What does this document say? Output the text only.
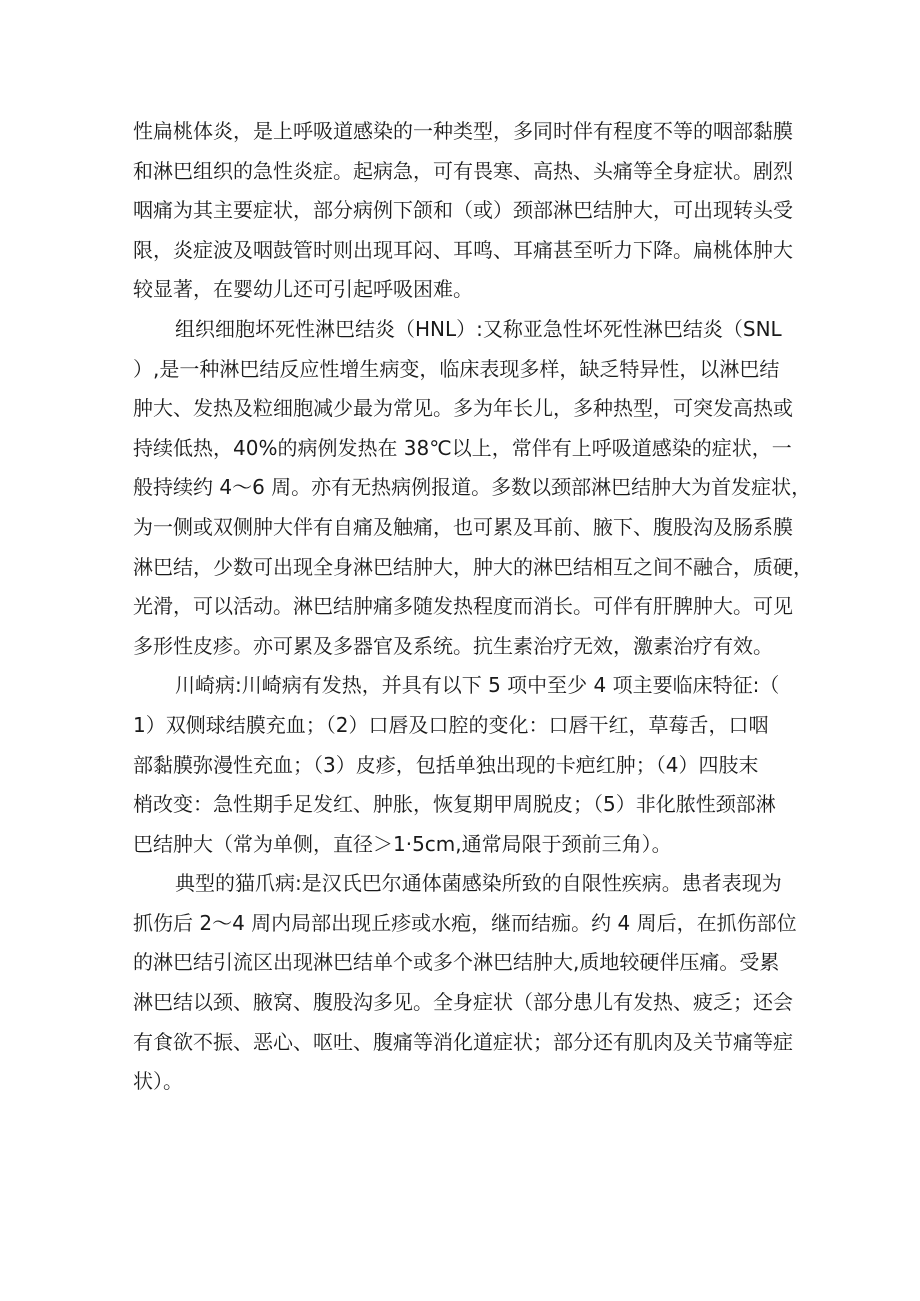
性扁桃体炎，是上呼吸道感染的一种类型，多同时伴有程度不等的咽部黏膜
和淋巴组织的急性炎症。起病急，可有畏寒、高热、头痛等全身症状。剧烈
咽痛为其主要症状，部分病例下颌和（或）颈部淋巴结肿大，可出现转头受
限，炎症波及咽鼓管时则出现耳闷、耳鸣、耳痛甚至听力下降。扁桃体肿大
较显著，在婴幼儿还可引起呼吸困难。

组织细胞坏死性淋巴结炎（HNL）:又称亚急性坏死性淋巴结炎（SNL
）,是一种淋巴结反应性增生病变，临床表现多样，缺乏特异性，以淋巴结
肿大、发热及粒细胞减少最为常见。多为年长儿，多种热型，可突发高热或
持续低热，40%的病例发热在 38℃以上，常伴有上呼吸道感染的症状，一
般持续约 4～6 周。亦有无热病例报道。多数以颈部淋巴结肿大为首发症状，
为一侧或双侧肿大伴有自痛及触痛，也可累及耳前、腋下、腹股沟及肠系膜
淋巴结，少数可出现全身淋巴结肿大，肿大的淋巴结相互之间不融合，质硬，
光滑，可以活动。淋巴结肿痛多随发热程度而消长。可伴有肝脾肿大。可见
多形性皮疹。亦可累及多器官及系统。抗生素治疗无效，激素治疗有效。

川崎病:川崎病有发热，并具有以下 5 项中至少 4 项主要临床特征:（
1）双侧球结膜充血；（2）口唇及口腔的变化：口唇干红，草莓舌，口咽
部黏膜弥漫性充血；（3）皮疹，包括单独出现的卡疤红肿；（4）四肢末
梢改变：急性期手足发红、肿胀，恢复期甲周脱皮；（5）非化脓性颈部淋
巴结肿大（常为单侧，直径＞1·5cm,通常局限于颈前三角）。

典型的猫爪病:是汉氏巴尔通体菌感染所致的自限性疾病。患者表现为
抓伤后 2～4 周内局部出现丘疹或水疱，继而结痂。约 4 周后，在抓伤部位
的淋巴结引流区出现淋巴结单个或多个淋巴结肿大,质地较硬伴压痛。受累
淋巴结以颈、腋窝、腹股沟多见。全身症状（部分患儿有发热、疲乏；还会
有食欲不振、恶心、呕吐、腹痛等消化道症状；部分还有肌肉及关节痛等症
状）。
